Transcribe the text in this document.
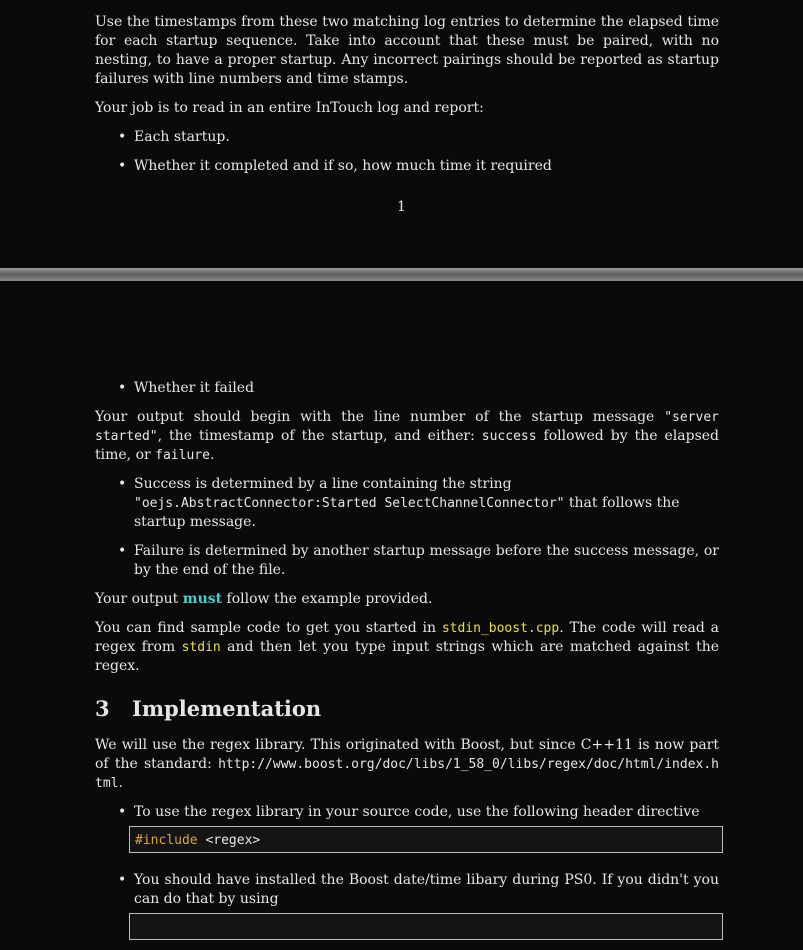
Use the timestamps from these two matching log entries to determine the elapsed time for each startup sequence. Take into account that these must be paired, with no nesting, to have a proper startup. Any incorrect pairings should be reported as startup failures with line numbers and time stamps.

Your job is to read in an entire InTouch log and report:

• Each startup.
• Whether it completed and if so, how much time it required
1
• Whether it failed

Your output should begin with the line number of the startup message "server started", the timestamp of the startup, and either: success followed by the elapsed time, or failure.

• Success is determined by a line containing the string "oejs.AbstractConnector:Started SelectChannelConnector" that follows the startup message.
• Failure is determined by another startup message before the success message, or by the end of the file.

Your output must follow the example provided.

You can find sample code to get you started in stdin_boost.cpp. The code will read a regex from stdin and then let you type input strings which are matched against the regex.

3 Implementation

We will use the regex library. This originated with Boost, but since C++11 is now part of the standard: http://www.boost.org/doc/libs/1_58_0/libs/regex/doc/html/index.html.

• To use the regex library in your source code, use the following header directive
#include <regex>
• You should have installed the Boost date/time libary during PS0. If you didn't you can do that by using
